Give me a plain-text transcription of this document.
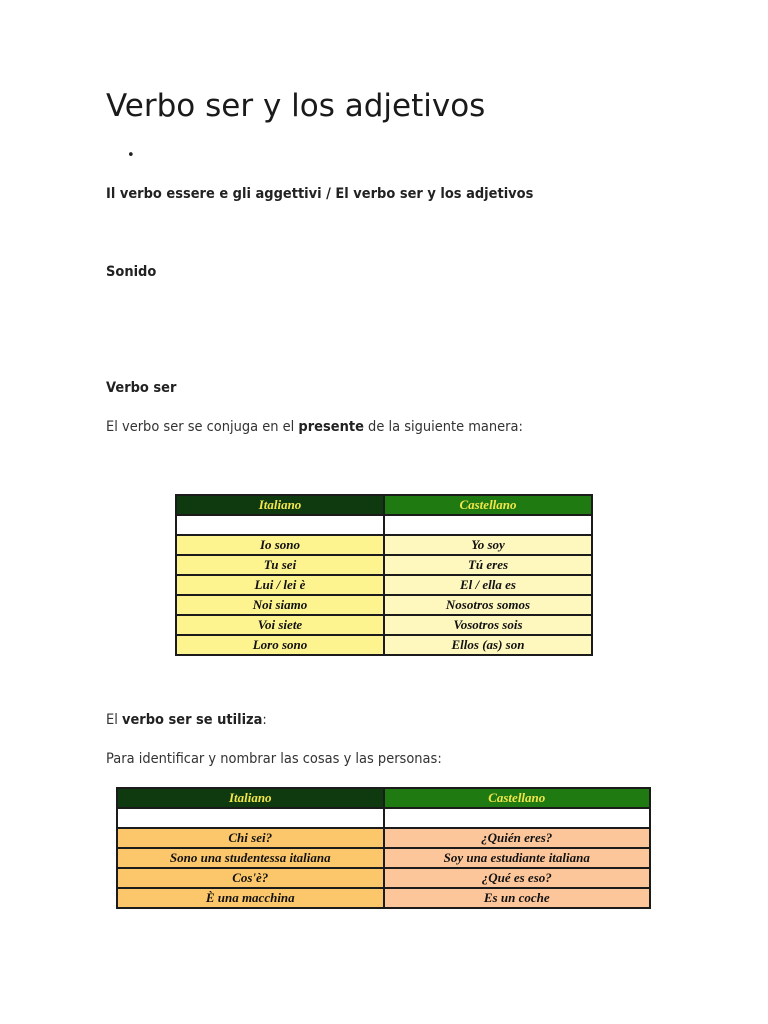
Verbo ser y los adjetivos
•
Il verbo essere e gli aggettivi / El verbo ser y los adjetivos
Sonido
Verbo ser
El verbo ser se conjuga en el presente de la siguiente manera:
Italiano	Castellano

Io sono	Yo soy
Tu sei	Tú eres
Lui / lei è	El / ella es
Noi siamo	Nosotros somos
Voi siete	Vosotros sois
Loro sono	Ellos (as) son
El verbo ser se utiliza:
Para identificar y nombrar las cosas y las personas:
Italiano	Castellano

Chi sei?	¿Quién eres?
Sono una studentessa italiana	Soy una estudiante italiana
Cos'è?	¿Qué es eso?
È una macchina	Es un coche
